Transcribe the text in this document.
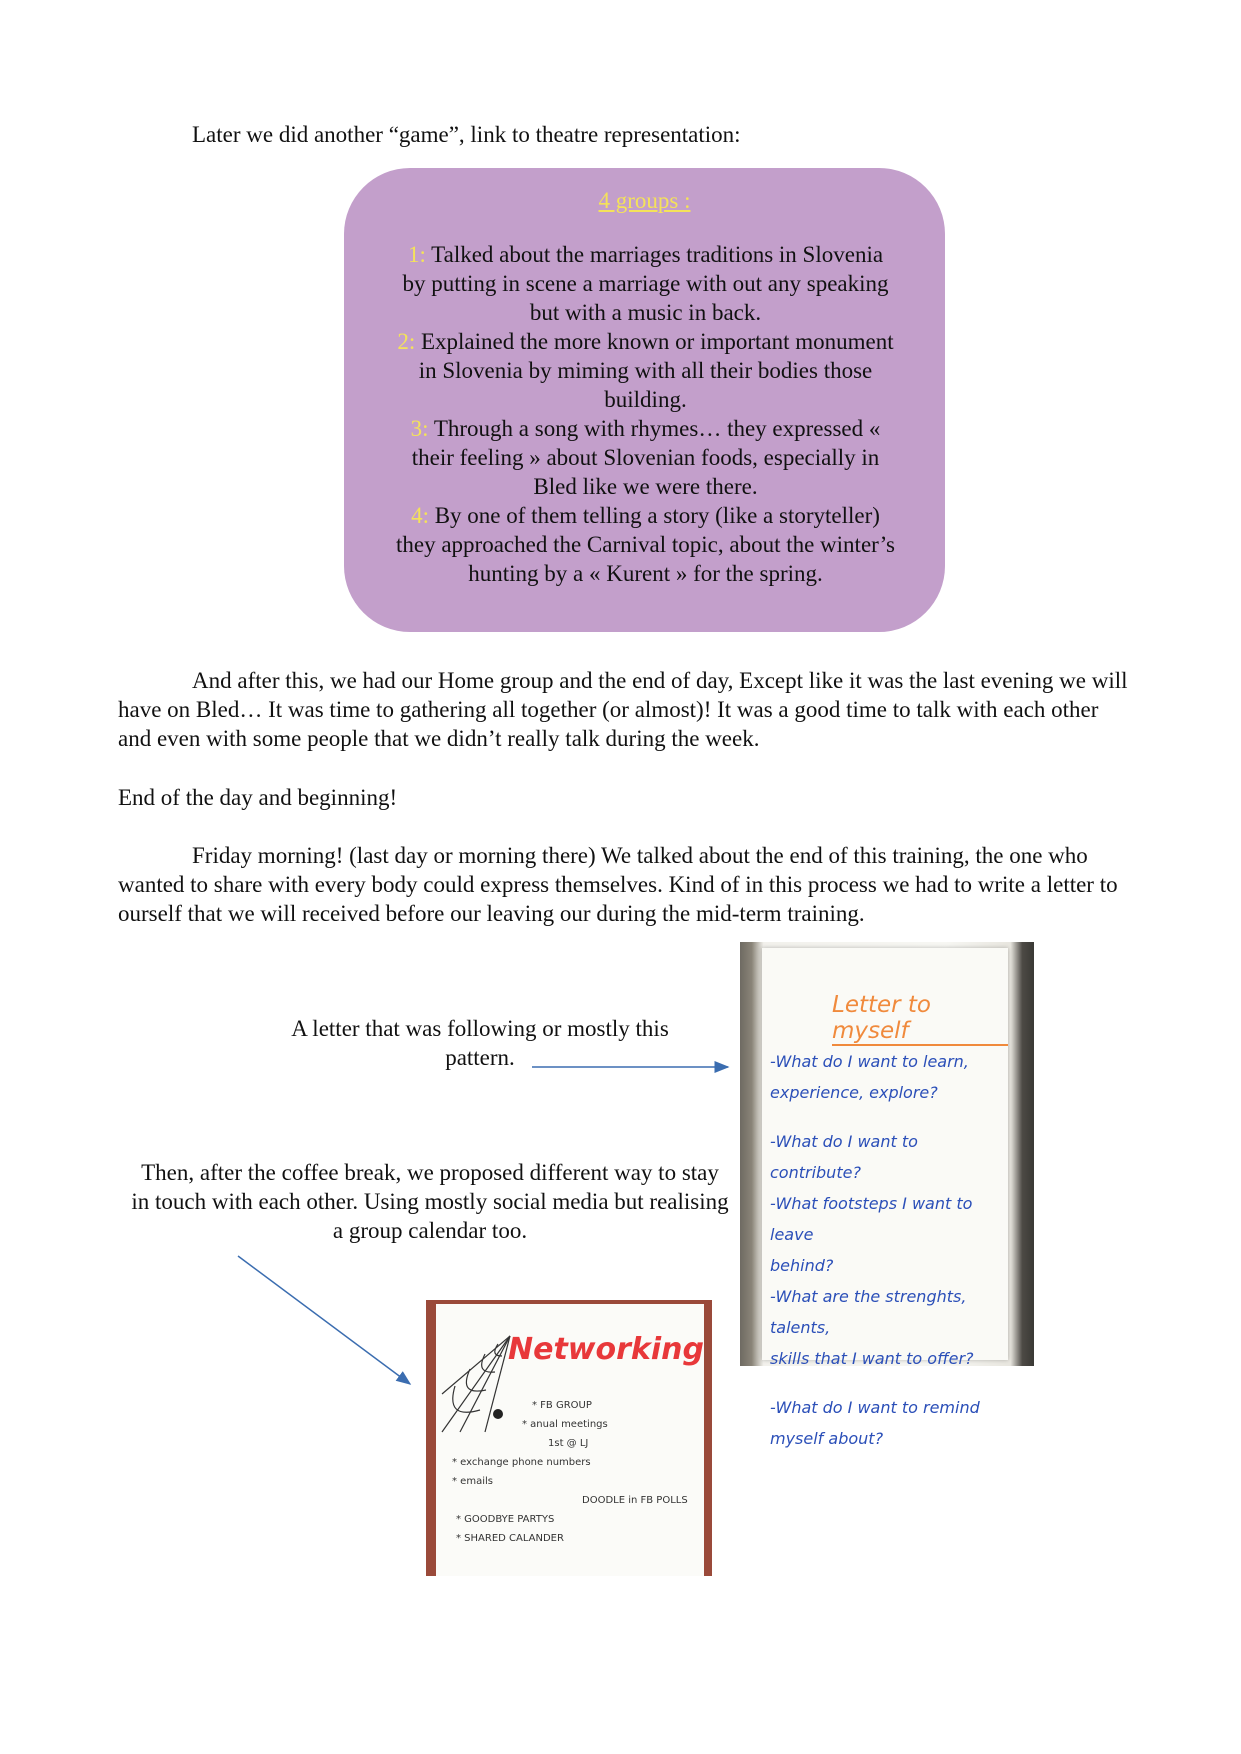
Later we did another “game”, link to theatre representation:

4 groups :

1: Talked about the marriages traditions in Slovenia by putting in scene a marriage with out any speaking but with a music in back.

2: Explained the more known or important monument in Slovenia by miming with all their bodies those building.

3: Through a song with rhymes… they expressed « their feeling » about Slovenian foods, especially in Bled like we were there.

4: By one of them telling a story (like a storyteller) they approached the Carnival topic, about the winter’s hunting by a « Kurent » for the spring.

And after this, we had our Home group and the end of day, Except like it was the last evening we will have on Bled… It was time to gathering all together (or almost)! It was a good time to talk with each other and even with some people that we didn’t really talk during the week.

End of the day and beginning!

Friday morning! (last day or morning there) We talked about the end of this training, the one who wanted to share with every body could express themselves. Kind of in this process we had to write a letter to ourself that we will received before our leaving our during the mid-term training.

A letter that was following or mostly this pattern.
Then, after the coffee break, we proposed different way to stay in touch with each other. Using mostly social media but realising a group calendar too.
Letter to myself
-What do I want to learn,
experience, explore?
-What do I want to contribute?
-What footsteps I want to leave
behind?
-What are the strenghts, talents,
skills that I want to offer?
-What do I want to remind
myself about?
Networking
* FB GROUP
* anual meetings
1st @ LJ
* exchange phone numbers
* emails
DOODLE in FB POLLS
* GOODBYE PARTYS
* SHARED CALANDER
